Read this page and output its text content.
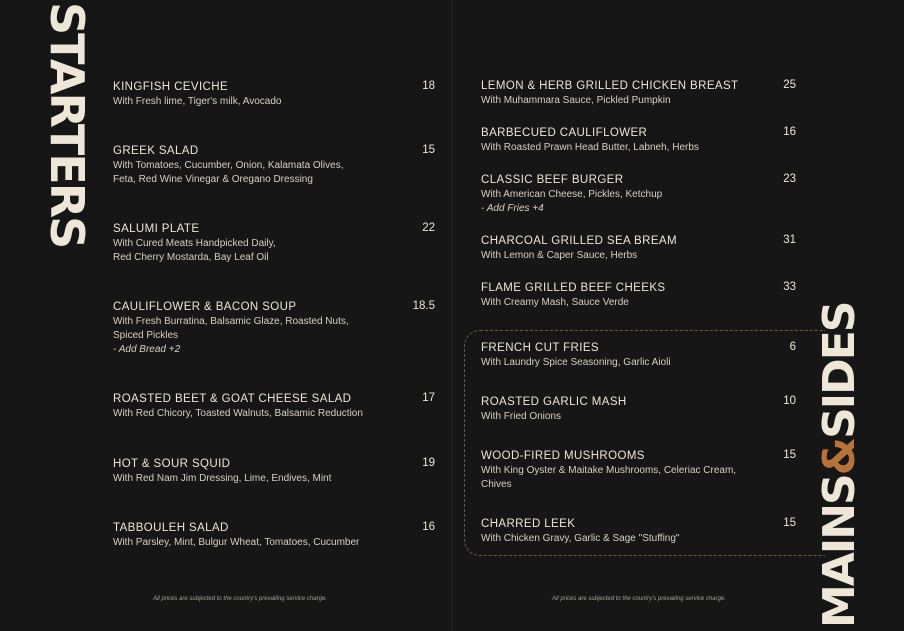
STARTERS KINGFISH CEVICHE
With Fresh lime, Tiger's milk, Avocado
18
GREEK SALAD
With Tomatoes, Cucumber, Onion, Kalamata Olives,
Feta, Red Wine Vinegar & Oregano Dressing
15
SALUMI PLATE
With Cured Meats Handpicked Daily,
Red Cherry Mostarda, Bay Leaf Oil
22
CAULIFLOWER & BACON SOUP
With Fresh Burratina, Balsamic Glaze, Roasted Nuts,
Spiced Pickles
- Add Bread +2
18.5
ROASTED BEET & GOAT CHEESE SALAD
With Red Chicory, Toasted Walnuts, Balsamic Reduction
17
HOT & SOUR SQUID
With Red Nam Jim Dressing, Lime, Endives, Mint
19
TABBOULEH SALAD
With Parsley, Mint, Bulgur Wheat, Tomatoes, Cucumber
16
All prices are subjected to the country's prevailing service charge.
LEMON & HERB GRILLED CHICKEN BREAST
With Muhammara Sauce, Pickled Pumpkin
25
BARBECUED CAULIFLOWER
With Roasted Prawn Head Butter, Labneh, Herbs
16
CLASSIC BEEF BURGER
With American Cheese, Pickles, Ketchup
- Add Fries +4
23
CHARCOAL GRILLED SEA BREAM
With Lemon & Caper Sauce, Herbs
31
FLAME GRILLED BEEF CHEEKS
With Creamy Mash, Sauce Verde
33
FRENCH CUT FRIES
With Laundry Spice Seasoning, Garlic Aioli
6
ROASTED GARLIC MASH
With Fried Onions
10
WOOD-FIRED MUSHROOMS
With King Oyster & Maitake Mushrooms, Celeriac Cream,
Chives
15
CHARRED LEEK
With Chicken Gravy, Garlic & Sage "Stuffing"
15
All prices are subjected to the country's prevailing service charge.	MAINS&SIDES
